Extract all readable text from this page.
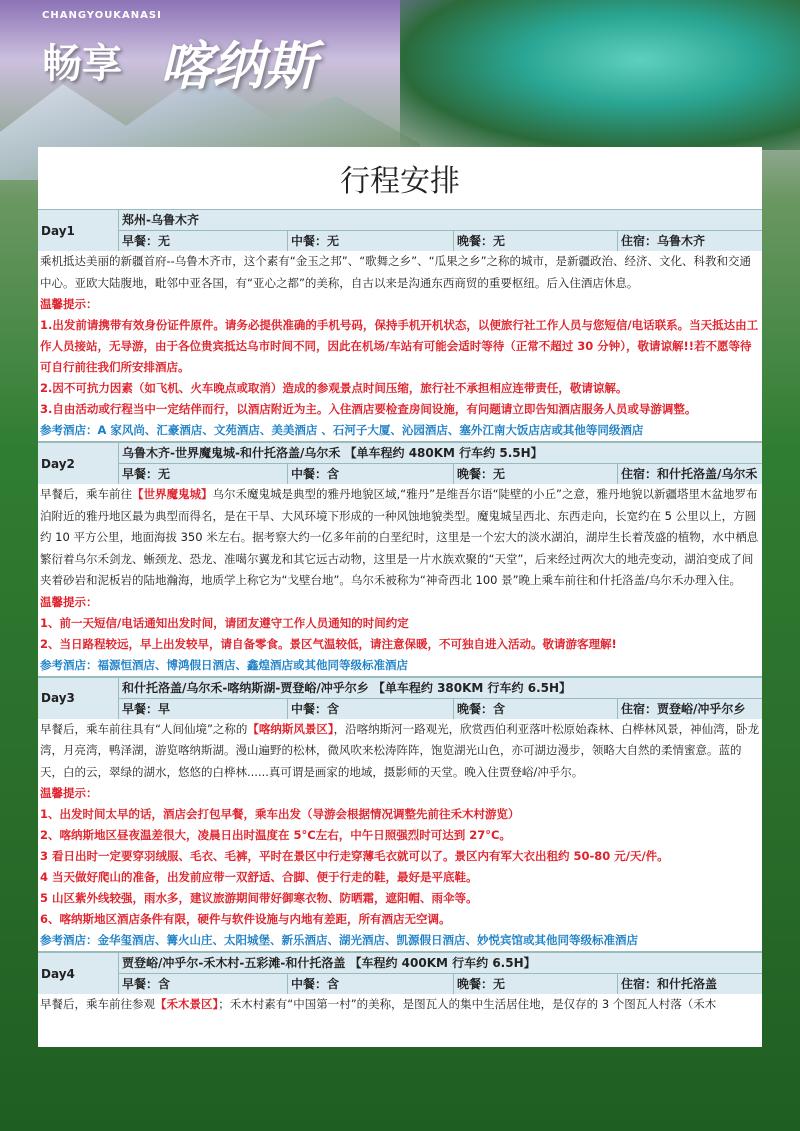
CHANGYOUKANASI
畅享 喀纳斯
行程安排
Day1
郑州-乌鲁木齐
早餐：无	中餐：无	晚餐：无	住宿：乌鲁木齐
乘机抵达美丽的新疆首府--乌鲁木齐市，这个素有“金玉之邦”、“歌舞之乡”、“瓜果之乡”之称的城市，是新疆政治、经济、文化、科教和交通中心。亚欧大陆腹地，毗邻中亚各国，有“亚心之都”的美称，自古以来是沟通东西商贸的重要枢纽。后入住酒店休息。
温馨提示：
1.出发前请携带有效身份证件原件。请务必提供准确的手机号码，保持手机开机状态，以便旅行社工作人员与您短信/电话联系。当天抵达由工作人员接站，无导游，由于各位贵宾抵达乌市时间不同，因此在机场/车站有可能会适时等待（正常不超过 30 分钟），敬请谅解!!若不愿等待可自行前往我们所安排酒店。
2.因不可抗力因素（如飞机、火车晚点或取消）造成的参观景点时间压缩，旅行社不承担相应连带责任，敬请谅解。
3.自由活动或行程当中一定结伴而行，以酒店附近为主。入住酒店要检查房间设施，有问题请立即告知酒店服务人员或导游调整。
参考酒店：A 家风尚、汇豪酒店、文苑酒店、美美酒店 、石河子大厦、沁园酒店、塞外江南大饭店店或其他等同级酒店
Day2
乌鲁木齐-世界魔鬼城-和什托洛盖/乌尔禾 【单车程约 480KM 行车约 5.5H】
早餐：无	中餐：含	晚餐：无	住宿：和什托洛盖/乌尔禾
早餐后，乘车前往【世界魔鬼城】乌尔禾魔鬼城是典型的雅丹地貌区域,“雅丹”是维吾尔语“陡壁的小丘”之意，雅丹地貌以新疆塔里木盆地罗布泊附近的雅丹地区最为典型而得名，是在干旱、大风环境下形成的一种风蚀地貌类型。魔鬼城呈西北、东西走向，长宽约在 5 公里以上，方圆约 10 平方公里，地面海拔 350 米左右。据考察大约一亿多年前的白垩纪时，这里是一个宏大的淡水湖泊，湖岸生长着茂盛的植物，水中栖息繁衍着乌尔禾剑龙、蜥颈龙、恐龙、准噶尔翼龙和其它远古动物，这里是一片水族欢聚的“天堂”，后来经过两次大的地壳变动，湖泊变成了间夹着砂岩和泥板岩的陆地瀚海，地质学上称它为“戈壁台地”。乌尔禾被称为“神奇西北 100 景”晚上乘车前往和什托洛盖/乌尔禾办理入住。
温馨提示：
1、前一天短信/电话通知出发时间，请团友遵守工作人员通知的时间约定
2、当日路程较远，早上出发较早，请自备零食。景区气温较低，请注意保暖，不可独自进入活动。敬请游客理解!
参考酒店：福源恒酒店、博鸿假日酒店、鑫煌酒店或其他同等级标准酒店
Day3
和什托洛盖/乌尔禾-喀纳斯湖-贾登峪/冲乎尔乡 【单车程约 380KM 行车约 6.5H】
早餐：早	中餐：含	晚餐：含	住宿：贾登峪/冲乎尔乡
早餐后，乘车前往具有“人间仙境”之称的【喀纳斯风景区】，沿喀纳斯河一路观光，欣赏西伯利亚落叶松原始森林、白桦林风景，神仙湾，卧龙湾，月亮湾，鸭泽湖，游览喀纳斯湖。漫山遍野的松林，微风吹来松涛阵阵，饱览湖光山色，亦可湖边漫步，领略大自然的柔情蜜意。蓝的天，白的云，翠绿的湖水，悠悠的白桦林......真可谓是画家的地域，摄影师的天堂。晚入住贾登峪/冲乎尔。
温馨提示：
1、出发时间太早的话，酒店会打包早餐，乘车出发（导游会根据情况调整先前往禾木村游览）
2、喀纳斯地区昼夜温差很大，凌晨日出时温度在 5°C左右，中午日照强烈时可达到 27°C。
3 看日出时一定要穿羽绒服、毛衣、毛裤，平时在景区中行走穿薄毛衣就可以了。景区内有军大衣出租约 50-80 元/天/件。
4 当天做好爬山的准备，出发前应带一双舒适、合脚、便于行走的鞋，最好是平底鞋。
5 山区紫外线较强，雨水多，建议旅游期间带好御寒衣物、防晒霜，遮阳帽、雨伞等。
6、喀纳斯地区酒店条件有限，硬件与软件设施与内地有差距，所有酒店无空调。
参考酒店：金华玺酒店、篝火山庄、太阳城堡、新乐酒店、湖光酒店、凯源假日酒店、妙悦宾馆或其他同等级标准酒店
Day4
贾登峪/冲乎尔-禾木村-五彩滩-和什托洛盖 【车程约 400KM 行车约 6.5H】
早餐：含	中餐：含	晚餐：无	住宿：和什托洛盖
早餐后，乘车前往参观【禾木景区】；禾木村素有“中国第一村”的美称，是图瓦人的集中生活居住地，是仅存的 3 个图瓦人村落（禾木
